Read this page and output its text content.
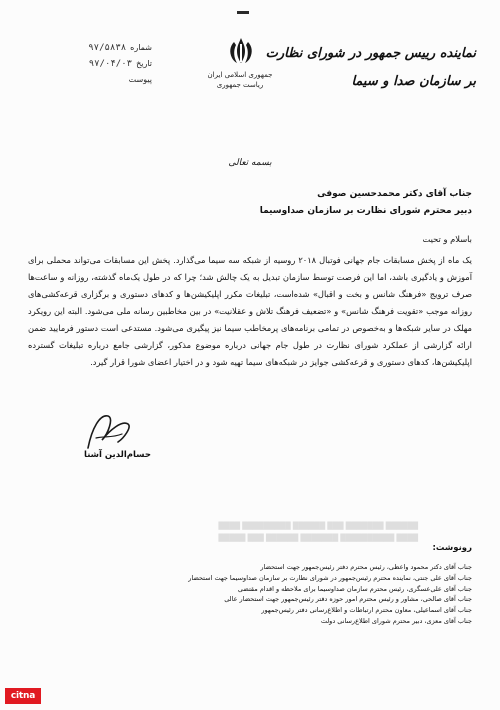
جمهوری اسلامی ایران
ریاست جمهوری
نماینده رییس جمهور در شورای نظارت
بر سازمان صدا و سیما
شماره
۹۷/۵۸۳۸
تاریخ
۹۷/۰۴/۰۳
پیوست
بسمه تعالی
جناب آقای دکتر محمدحسین صوفی
دبیر محترم شورای نظارت بر سازمان صداوسیما
باسلام و تحیت

یک ماه از پخش مسابقات جام جهانی فوتبال ۲۰۱۸ روسیه از شبکه سه سیما می‌گذارد. پخش این مسابقات می‌تواند محملی برای آموزش و یادگیری باشد، اما این فرصت توسط سازمان تبدیل به یک چالش شد؛ چرا که در طول یک‌ماه گذشته، روزانه و ساعت‌ها صرف ترویج «فرهنگ شانس و بخت و اقبال» شده‌است، تبلیغات مکرر اپلیکیشن‌ها و کدهای دستوری و برگزاری قرعه‌کشی‌های روزانه موجب «تقویت فرهنگ شانس» و «تضعیف فرهنگ تلاش و عقلانیت» در بین مخاطبین رسانه ملی می‌شود. البته این رویکرد مهلک در سایر شبکه‌ها و به‌خصوص در تمامی برنامه‌های پرمخاطب سیما نیز پیگیری می‌شود. مستدعی است دستور فرمایید ضمن ارائه گزارشی از عملکرد شورای نظارت در طول جام جهانی درباره موضوع مذکور، گزارشی جامع درباره تبلیغات گسترده اپلیکیشن‌ها، کدهای دستوری و قرعه‌کشی جوایز در شبکه‌های سیما تهیه شود و در اختیار اعضای شورا قرار گیرد.

حسام‌الدین آشنا
██████ ███████ ███ ██████ █████████ ████
████ ██████████ ███████ ██████ ███ █████
رونوشت:
جناب آقای دکتر محمود واعظی، رئیس محترم دفتر رئیس‌جمهور جهت استحضار
جناب آقای علی جنتی، نماینده محترم رئیس‌جمهور در شورای نظارت بر سازمان صداوسیما جهت استحضار
جناب آقای علی‌عسگری، رئیس محترم سازمان صداوسیما برای ملاحظه و اقدام مقتضی
جناب آقای صالحی، مشاور و رئیس محترم امور حوزه دفتر رئیس‌جمهور جهت استحضار عالی
جناب آقای اسماعیلی، معاون محترم ارتباطات و اطلاع‌رسانی دفتر رئیس‌جمهور
جناب آقای معزی، دبیر محترم شورای اطلاع‌رسانی دولت
citna
